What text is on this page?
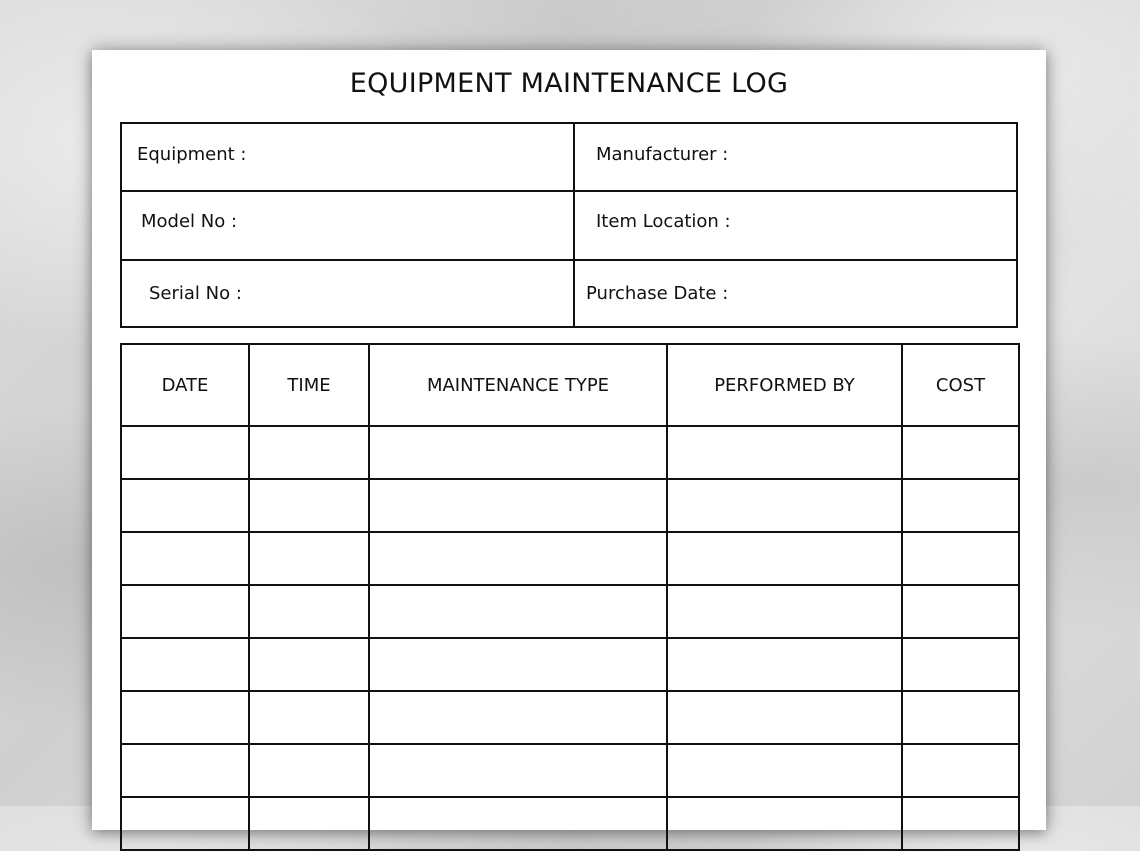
EQUIPMENT MAINTENANCE LOG
Equipment :	Manufacturer :
Model No :	Item Location :
Serial No :	Purchase Date :
DATE	TIME	MAINTENANCE TYPE	PERFORMED BY	COST
